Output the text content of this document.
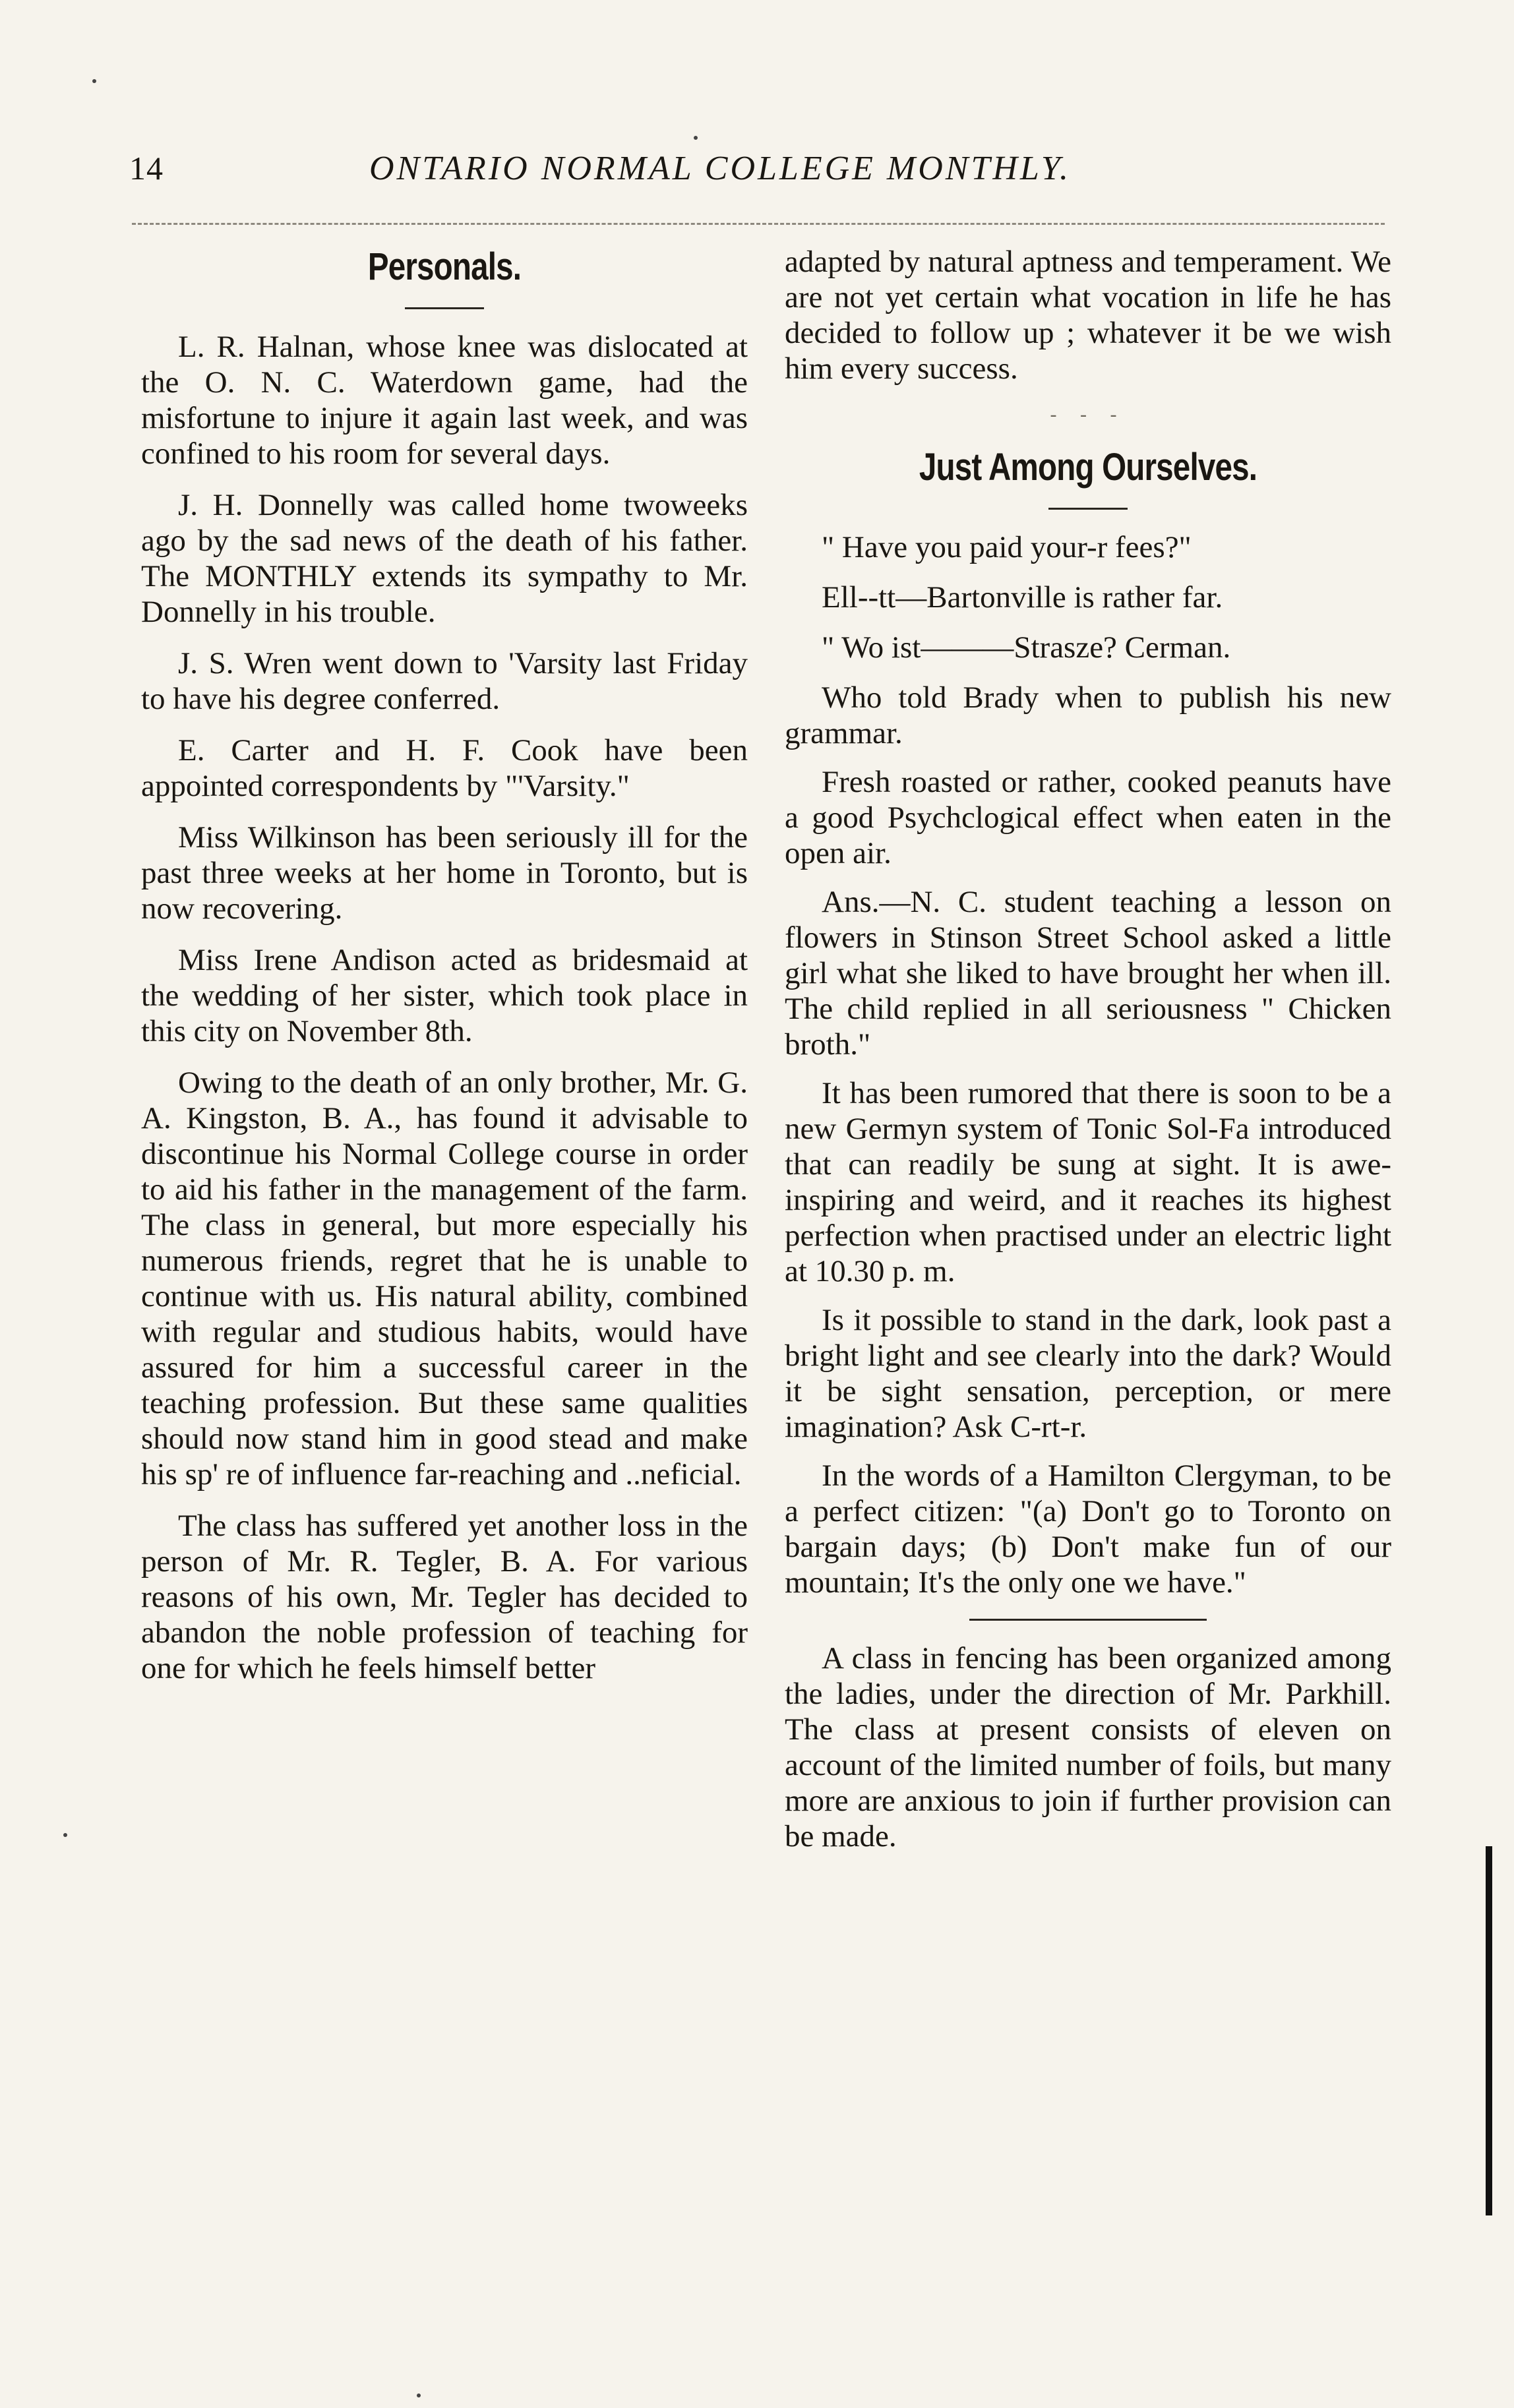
14	ONTARIO NORMAL COLLEGE MONTHLY.
Personals.

L. R. Halnan, whose knee was dislocated at the O. N. C. Waterdown game, had the misfortune to injure it again last week, and was confined to his room for several days.

J. H. Donnelly was called home twoweeks ago by the sad news of the death of his father. The MONTHLY extends its sympathy to Mr. Donnelly in his trouble.

J. S. Wren went down to 'Varsity last Friday to have his degree conferred.

E. Carter and H. F. Cook have been appointed correspondents by "'Varsity."

Miss Wilkinson has been seriously ill for the past three weeks at her home in Toronto, but is now recovering.

Miss Irene Andison acted as bridesmaid at the wedding of her sister, which took place in this city on November 8th.

Owing to the death of an only brother, Mr. G. A. Kingston, B. A., has found it advisable to discontinue his Normal College course in order to aid his father in the management of the farm. The class in general, but more especially his numerous friends, regret that he is unable to continue with us. His natural ability, combined with regular and studious habits, would have assured for him a successful career in the teaching profession. But these same qualities should now stand him in good stead and make his sp' re of influence far-reaching and ..neficial.

The class has suffered yet another loss in the person of Mr. R. Tegler, B. A. For various reasons of his own, Mr. Tegler has decided to abandon the noble profession of teaching for one for which he feels himself better

adapted by natural aptness and temperament. We are not yet certain what vocation in life he has decided to follow up ; whatever it be we wish him every success.

- - -
Just Among Ourselves.

" Have you paid your-r fees?"

Ell--tt—Bartonville is rather far.

" Wo ist———Strasze? Cerman.

Who told Brady when to publish his new grammar.

Fresh roasted or rather, cooked peanuts have a good Psychclogical effect when eaten in the open air.

Ans.—N. C. student teaching a lesson on flowers in Stinson Street School asked a little girl what she liked to have brought her when ill. The child replied in all seriousness " Chicken broth."

It has been rumored that there is soon to be a new Germyn system of Tonic Sol-Fa introduced that can readily be sung at sight. It is awe-inspiring and weird, and it reaches its highest perfection when practised under an electric light at 10.30 p. m.

Is it possible to stand in the dark, look past a bright light and see clearly into the dark? Would it be sight sensation, perception, or mere imagination? Ask C-rt-r.

In the words of a Hamilton Clergyman, to be a perfect citizen: "(a) Don't go to Toronto on bargain days; (b) Don't make fun of our mountain; It's the only one we have."

A class in fencing has been organized among the ladies, under the direction of Mr. Parkhill. The class at present consists of eleven on account of the limited number of foils, but many more are anxious to join if further provision can be made.
